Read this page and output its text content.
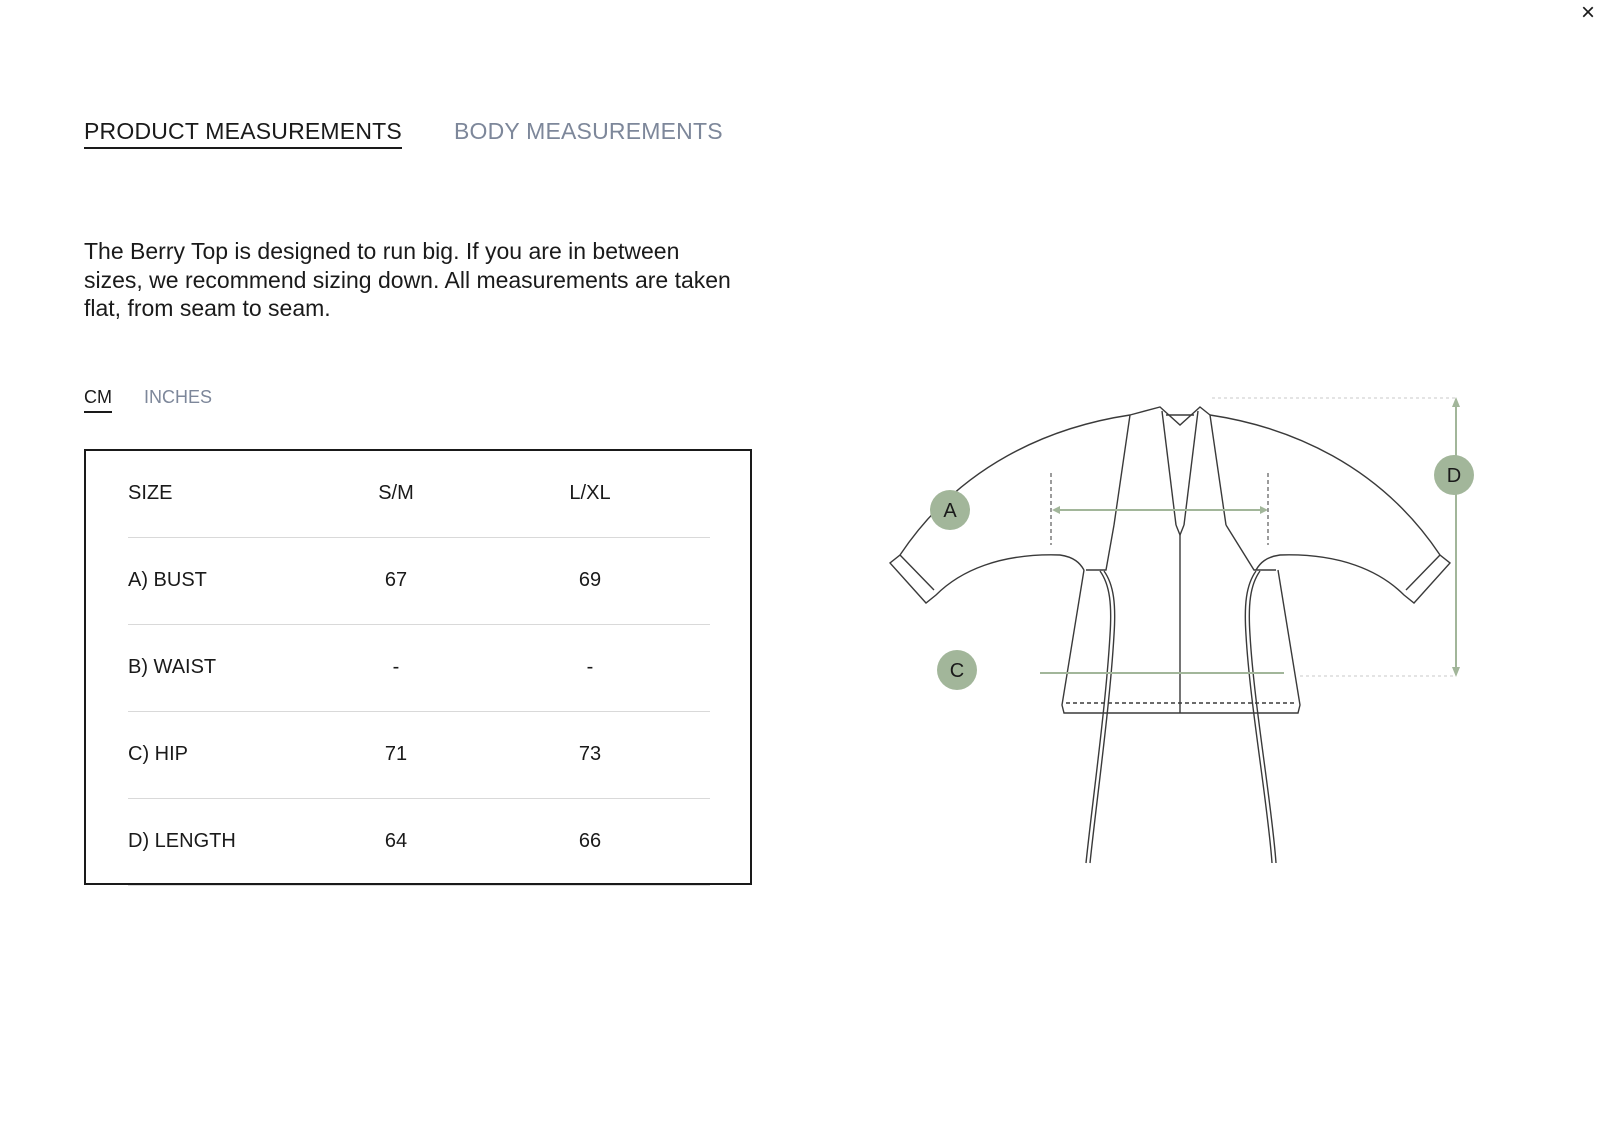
×
PRODUCT MEASUREMENTS BODY MEASUREMENTS

The Berry Top is designed to run big. If you are in between sizes, we recommend sizing down. All measurements are taken flat, from seam to seam.

CM INCHES
SIZE	S/M	L/XL
A) BUST	67	69
B) WAIST	-	-
C) HIP	71	73
D) LENGTH	64	66
A
C
D
